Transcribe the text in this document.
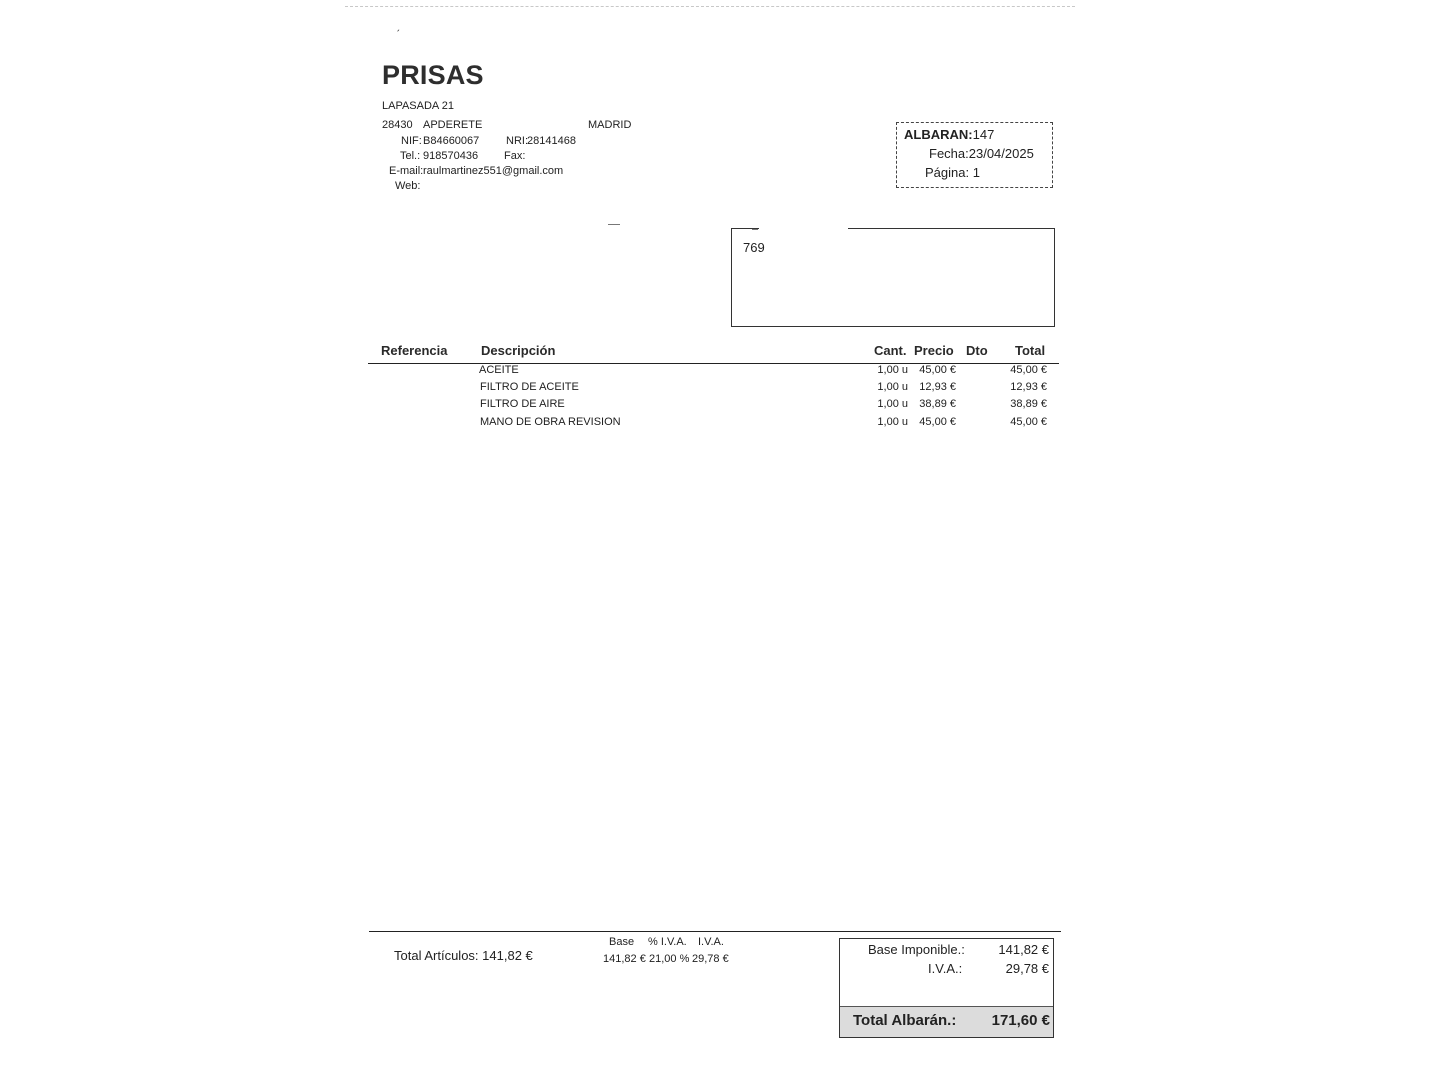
ˏ
PRISAS
LAPASADA 21
28430 APDERETE	MADRID
NIF: B84660067 NRI: 28141468
Tel.: 918570436 Fax:
E-mail: raulmartinez551@gmail.com
Web:
ALBARAN:147
Fecha:23/04/2025
Página: 1
769
Referencia	Descripción	Cant. Precio Dto Total
ACEITE	1,00 u	45,00 €	45,00 €
FILTRO DE ACEITE	1,00 u	12,93 €	12,93 €
FILTRO DE AIRE	1,00 u	38,89 €	38,89 €
MANO DE OBRA REVISION	1,00 u	45,00 €	45,00 €
Total Artículos: 141,82 €
Base % I.V.A. I.V.A.
141,82 € 21,00 % 29,78 €
Base Imponible.:	141,82 €
I.V.A.:	29,78 €
Total Albarán.:	171,60 €
